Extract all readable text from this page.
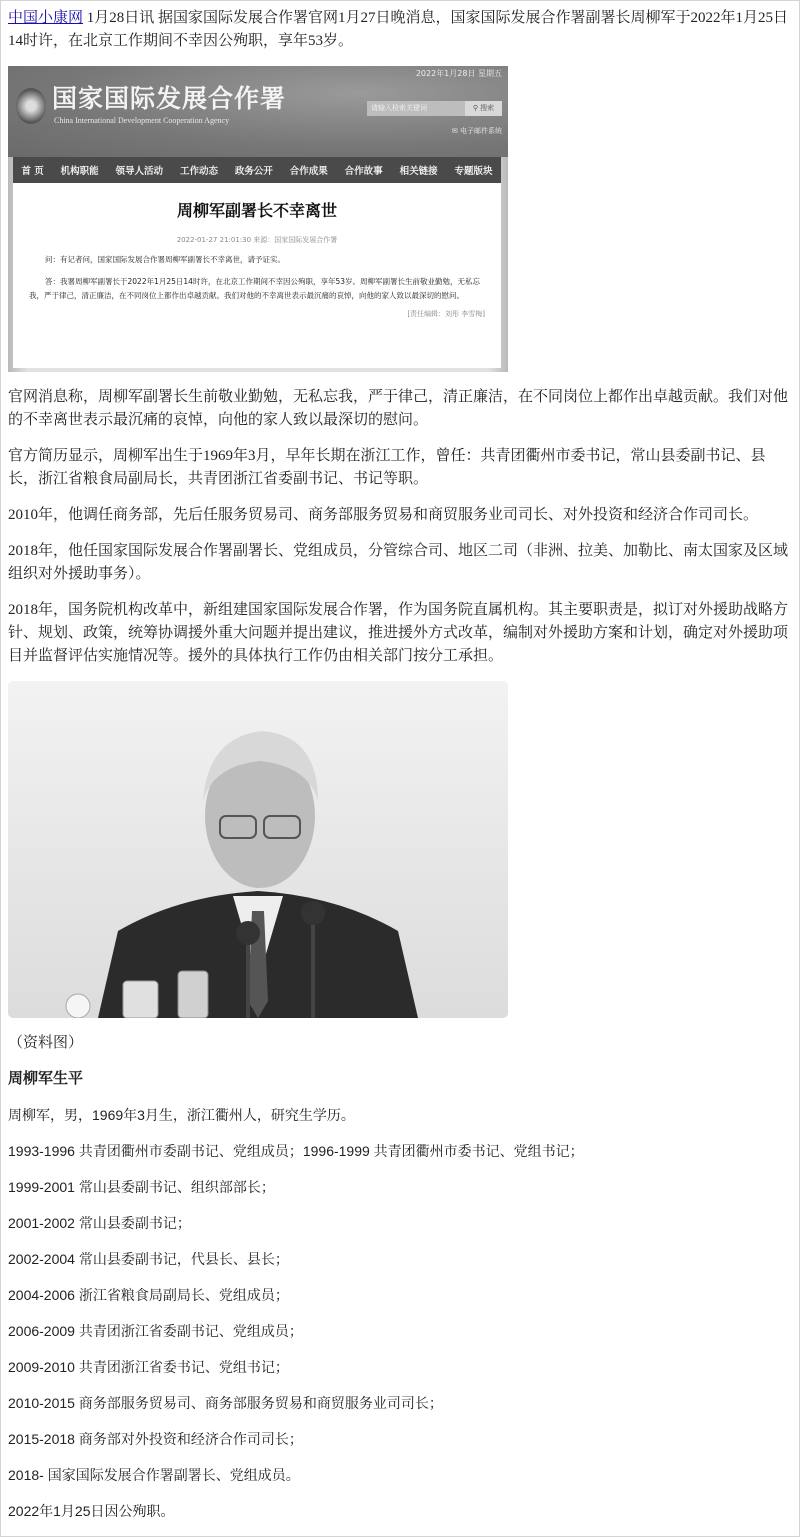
中国小康网 1月28日讯 据国家国际发展合作署官网1月27日晚消息，国家国际发展合作署副署长周柳军于2022年1月25日14时许，在北京工作期间不幸因公殉职，享年53岁。

2022年1月28日 星期五
国家国际发展合作署
China International Development Cooperation Agency
请输入检索关键词	⚲ 搜索
✉ 电子邮件系统
首 页 机构职能 领导人活动 工作动态 政务公开 合作成果 合作故事 相关链接 专题版块
周柳军副署长不幸离世
2022-01-27 21:01:30 来源：国家国际发展合作署
问：有记者问，国家国际发展合作署周柳军副署长不幸离世，请予证实。
答：我署周柳军副署长于2022年1月25日14时许，在北京工作期间不幸因公殉职，享年53岁。周柳军副署长生前敬业勤勉，无私忘我，严于律己，清正廉洁，在不同岗位上都作出卓越贡献。我们对他的不幸离世表示最沉痛的哀悼，向他的家人致以最深切的慰问。
[责任编辑：刘彤 李雪梅]

官网消息称，周柳军副署长生前敬业勤勉，无私忘我，严于律己，清正廉洁，在不同岗位上都作出卓越贡献。我们对他的不幸离世表示最沉痛的哀悼，向他的家人致以最深切的慰问。

官方简历显示，周柳军出生于1969年3月，早年长期在浙江工作，曾任：共青团衢州市委书记，常山县委副书记、县长，浙江省粮食局副局长，共青团浙江省委副书记、书记等职。

2010年，他调任商务部，先后任服务贸易司、商务部服务贸易和商贸服务业司司长、对外投资和经济合作司司长。

2018年，他任国家国际发展合作署副署长、党组成员，分管综合司、地区二司（非洲、拉美、加勒比、南太国家及区域组织对外援助事务）。

2018年，国务院机构改革中，新组建国家国际发展合作署，作为国务院直属机构。其主要职责是，拟订对外援助战略方针、规划、政策，统筹协调援外重大问题并提出建议，推进援外方式改革，编制对外援助方案和计划，确定对外援助项目并监督评估实施情况等。援外的具体执行工作仍由相关部门按分工承担。

（资料图）

周柳军生平

周柳军，男，1969年3月生，浙江衢州人，研究生学历。

1993-1996 共青团衢州市委副书记、党组成员；1996-1999 共青团衢州市委书记、党组书记；

1999-2001 常山县委副书记、组织部部长；

2001-2002 常山县委副书记；

2002-2004 常山县委副书记，代县长、县长；

2004-2006 浙江省粮食局副局长、党组成员；

2006-2009 共青团浙江省委副书记、党组成员；

2009-2010 共青团浙江省委书记、党组书记；

2010-2015 商务部服务贸易司、商务部服务贸易和商贸服务业司司长；

2015-2018 商务部对外投资和经济合作司司长；

2018- 国家国际发展合作署副署长、党组成员。

2022年1月25日因公殉职。
